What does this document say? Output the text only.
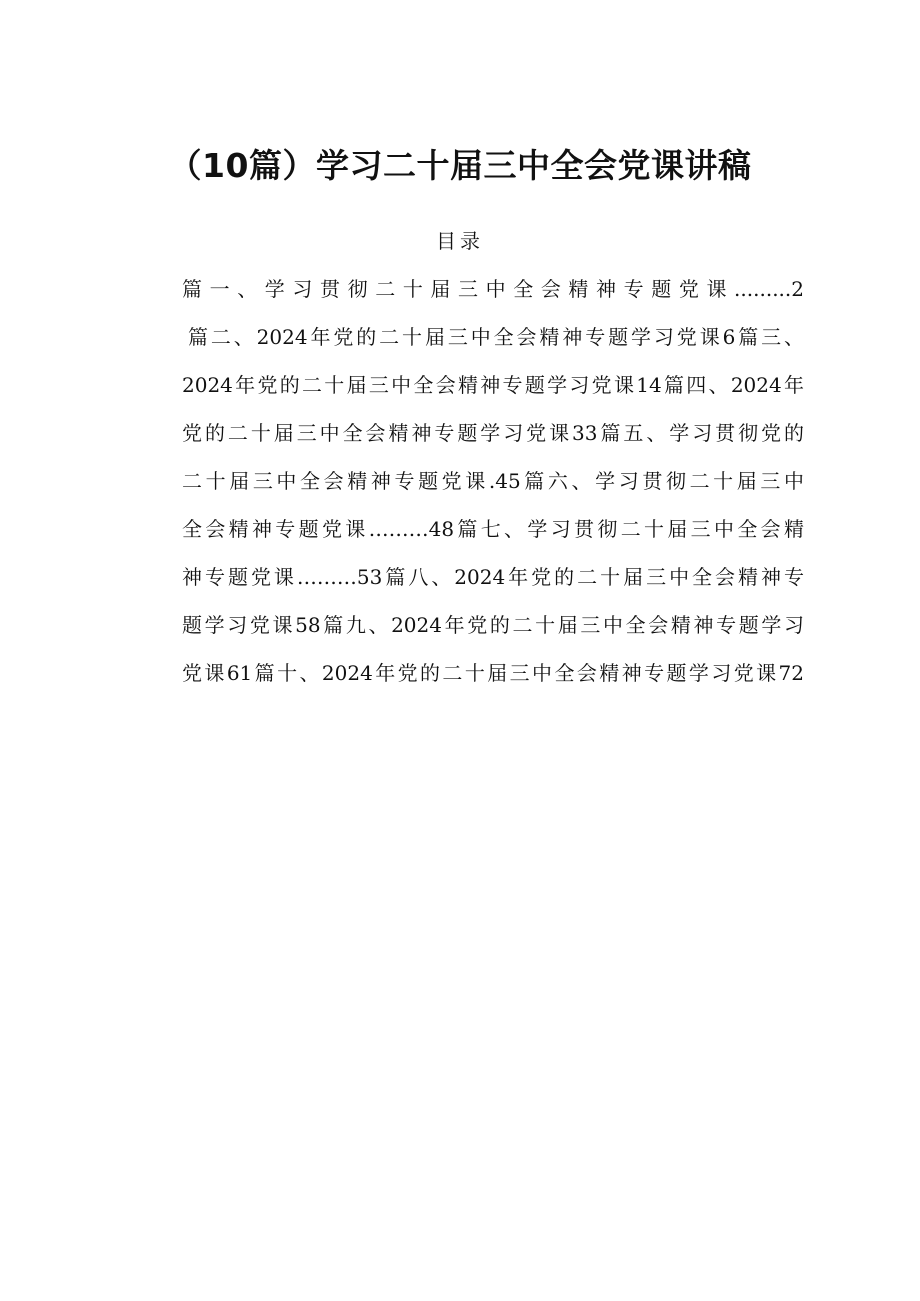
（10篇）学习二十届三中全会党课讲稿
目录
篇一、学习贯彻二十届三中全会精神专题党课.........2
篇二、2024年党的二十届三中全会精神专题学习党课6篇三、
2024年党的二十届三中全会精神专题学习党课14篇四、2024年
党的二十届三中全会精神专题学习党课33篇五、学习贯彻党的
二十届三中全会精神专题党课.45篇六、学习贯彻二十届三中
全会精神专题党课………48篇七、学习贯彻二十届三中全会精
神专题党课………53篇八、2024年党的二十届三中全会精神专
题学习党课58篇九、2024年党的二十届三中全会精神专题学习
党课61篇十、2024年党的二十届三中全会精神专题学习党课72
